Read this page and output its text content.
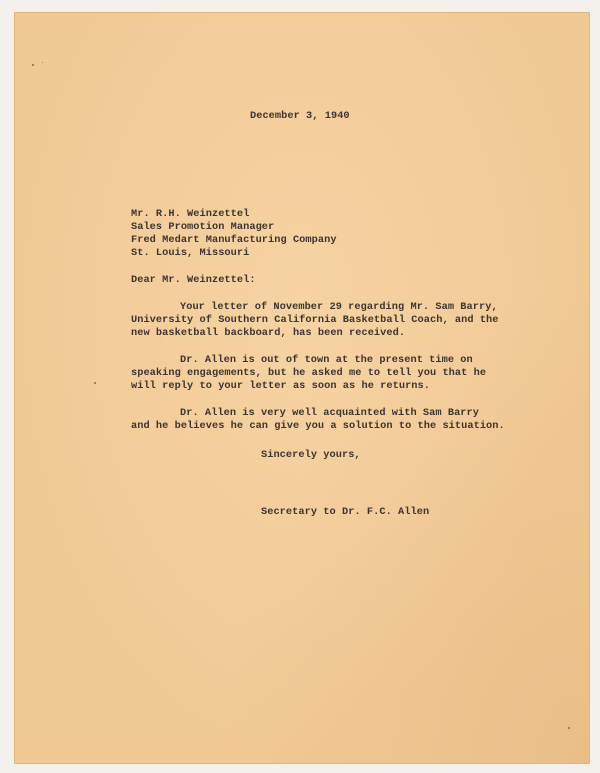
December 3, 1940
Mr. R.H. Weinzettel
Sales Promotion Manager
Fred Medart Manufacturing Company
St. Louis, Missouri
Dear Mr. Weinzettel:
Your letter of November 29 regarding Mr. Sam Barry,
University of Southern California Basketball Coach, and the
new basketball backboard, has been received.
Dr. Allen is out of town at the present time on
speaking engagements, but he asked me to tell you that he
will reply to your letter as soon as he returns.
Dr. Allen is very well acquainted with Sam Barry
and he believes he can give you a solution to the situation.
Sincerely yours,
Secretary to Dr. F.C. Allen
